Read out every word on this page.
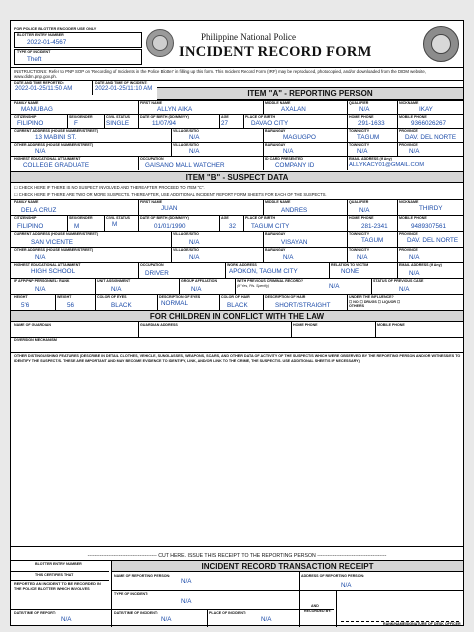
FOR POLICE BLOTTER ENCODER USE ONLY
BLOTTER ENTRY NUMBER
2022-01-4567
TYPE OF INCIDENT
Theft
Philippine National Police
INCIDENT RECORD FORM
INSTRUCTIONS: Refer to PNP SOP on 'Recording of Incidents in the Police Blotter' in filling up this form. This Incident Record Form (IRF) may be reproduced, photocopied, and/or downloaded from the DIDM website, www.didm.pnp.gov.ph.
DATE AND TIME REPORTED:
2022-01-25/11:50 AM
DATE AND TIME OF INCIDENT:
2022-01-25/11:10 AM	ITEM "A" - REPORTING PERSON
FAMILY NAME
MANUBAG
FIRST NAME
ALLYN AIKA
MIDDLE NAME
AXALAN
QUALIFIER
N/A
NICKNAME
IKAY
CITIZENSHIP
FILIPINO
SEX/GENDER
F
CIVIL STATUS
SINGLE
DATE OF BIRTH (DD/MM/YY)
11/07/94
AGE
27
PLACE OF BIRTH
DAVAO CITY
HOME PHONE
291-1633
MOBILE PHONE
9366026267
CURRENT ADDRESS (HOUSE NUMBER/STREET)
13 MABINI ST.
VILLAGE/SITIO
N/A
BARANGAY
MAGUGPO
TOWN/CITY
TAGUM
PROVINCE
DAV. DEL NORTE
OTHER ADDRESS (HOUSE NUMBER/STREET)
N/A
VILLAGE/SITIO
N/A
BARANGAY
N/A
TOWN/CITY
N/A
PROVINCE
N/A
HIGHEST EDUCATIONAL ATTAINMENT
COLLEGE GRADUATE
OCCUPATION
GAISANO MALL WATCHER
ID CARD PRESENTED
COMPANY ID
EMAIL ADDRESS (If Any)
ALLYKACY01@GMAIL.COM
ITEM "B" - SUSPECT DATA
☐ CHECK HERE IF THERE IS NO SUSPECT INVOLVED AND THEREAFTER PROCEED TO ITEM "C".
☐ CHECK HERE IF THERE ARE TWO OR MORE SUSPECTS. THEREAFTER, USE ADDITIONAL INCIDENT REPORT FORM SHEETS FOR EACH OF THE SUSPECTS.
FAMILY NAME
DELA CRUZ
FIRST NAME
JUAN
MIDDLE NAME
ANDRES
QUALIFIER
N/A
NICKNAME
THIRDY
CITIZENSHIP
FILIPINO
SEX/GENDER
M
CIVIL STATUS
M
DATE OF BIRTH (DD/MM/YY)
01/01/1990
AGE
32
PLACE OF BIRTH
TAGUM CITY
HOME PHONE
281-2341
MOBILE PHONE
9489307561
CURRENT ADDRESS (HOUSE NUMBER/STREET)
SAN VICENTE
VILLAGE/SITIO
N/A
BARANGAY
VISAYAN
TOWN/CITY
TAGUM
PROVINCE
DAV. DEL NORTE
OTHER ADDRESS (HOUSE NUMBER/STREET)
N/A
VILLAGE/SITIO
N/A
BARANGAY
N/A
TOWN/CITY
N/A
PROVINCE
N/A
HIGHEST EDUCATIONAL ATTAINMENT
HIGH SCHOOL
OCCUPATION
DRIVER
WORK ADDRESS
APOKON, TAGUM CITY
RELATION TO VICTIM
NONE
EMAIL ADDRESS (If Any)
N/A
IF AFP/PNP PERSONNEL: RANK
N/A
UNIT ASSIGNMENT
N/A
GROUP AFFILIATION
N/A
WITH PREVIOUS CRIMINAL RECORD?
(If Yes, Pls. Specify)	N/A
STATUS OF PREVIOUS CASE
N/A
HEIGHT
5'6
WEIGHT
56
COLOR OF EYES
BLACK
DESCRIPTION OF EYES
NORMAL
COLOR OF HAIR
BLACK
DESCRIPTION OF HAIR
SHORT/STRAIGHT
UNDER THE INFLUENCE?
☐ NO ☐ DRUGS ☐ LIQUOR ☐ OTHERS
FOR CHILDREN IN CONFLICT WITH THE LAW
NAME OF GUARDIAN	GUARDIAN ADDRESS	HOME PHONE	MOBILE PHONE
DIVERSION MECHANISM
OTHER DISTINGUISHING FEATURES (DESCRIBE IN DETAIL CLOTHES, VEHICLE, SUNGLASSES, WEAPONS, SCARS, AND OTHER DATA OF ACTIVITY OF THE SUSPECT/S WHICH WERE OBSERVED BY THE REPORTING PERSON AND/OR WITNESS/ES TO IDENTIFY THE SUSPECT/S. THESE ARE IMPORTANT AND MAY BECOME EVIDENCE TO IDENTIFY, LINK, AND/OR LINK TO THE CRIME, THE SUSPECT/S. USE ADDITIONAL SHEET/S IF NECESSARY)
---------------------------------------- CUT HERE. ISSUE THIS RECEIPT TO THE REPORTING PERSON ----------------------------------------
BLOTTER ENTRY NUMBER
THIS CERTIFIES THAT
REPORTED AN INCIDENT TO BE RECORDED IN THE POLICE BLOTTER WHICH INVOLVES
INCIDENT RECORD TRANSACTION RECEIPT
NAME OF REPORTING PERSON:
N/A
ADDRESS OF REPORTING PERSON:
N/A
TYPE OF INCIDENT:
N/A
AND
RECORDED BY:
DATE/TIME OF REPORT:
N/A
DATE/TIME OF INCIDENT:
N/A
PLACE OF INCIDENT:
N/A
RANK/NAME/SIGNATURE OF DESK OFFICER
